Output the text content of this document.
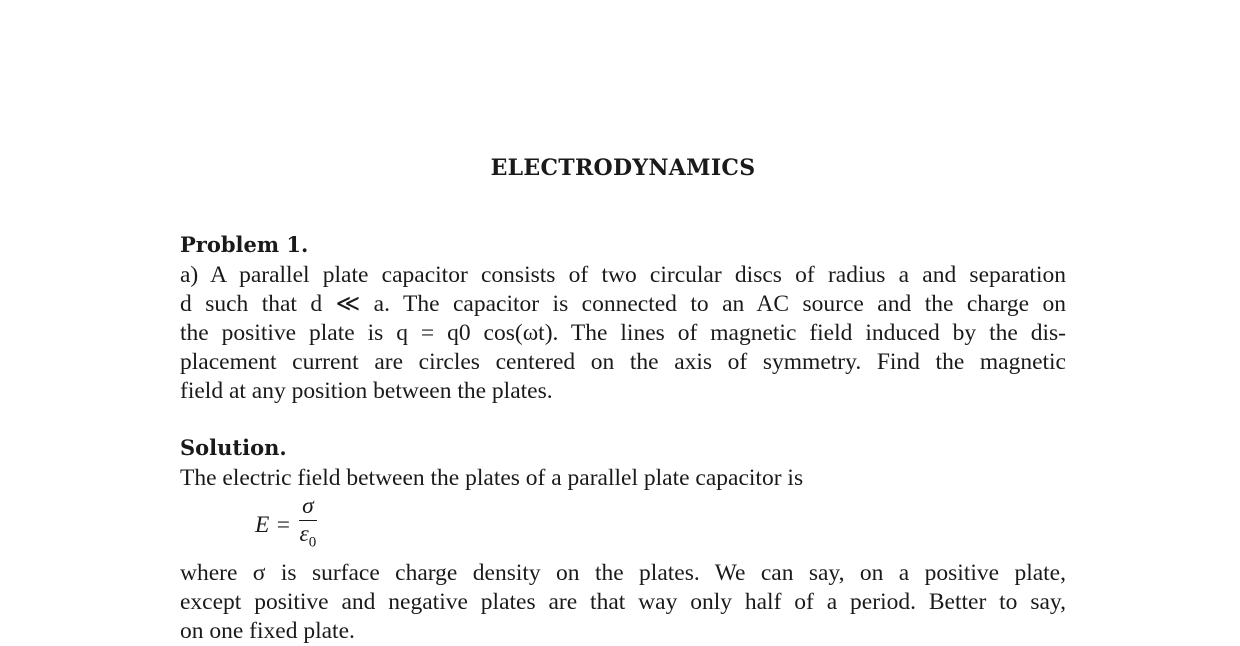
ELECTRODYNAMICS
Problem 1.
a) A parallel plate capacitor consists of two circular discs of radius a and separation
d such that d ≪ a. The capacitor is connected to an AC source and the charge on
the positive plate is q = q0 cos(ωt). The lines of magnetic field induced by the dis-
placement current are circles centered on the axis of symmetry. Find the magnetic
field at any position between the plates.
Solution.
The electric field between the plates of a parallel plate capacitor is
$E = \frac{\sigma}{\varepsilon_0}$
where σ is surface charge density on the plates. We can say, on a positive plate,
except positive and negative plates are that way only half of a period. Better to say,
on one fixed plate.
